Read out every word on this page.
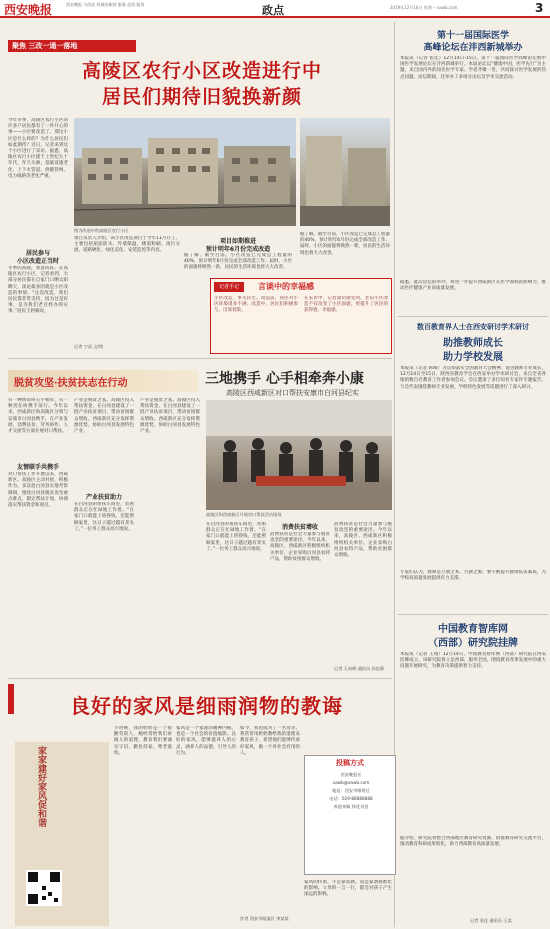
西安晚报	西安晚报 与西安 权威的新闻 服务 品质 服务	政点	2019年12月16日 星期一 xawb.com	3
聚焦 三改一通一落地
高陵区农行小区改造进行中
居民们期待旧貌换新颜
今年冬季，高陵区农行小区的许多户居民都有了一件开心的事——小区要改造了。那这小区是什么样的？为什么居民们如此期待？近日，记者来到这个小区进行了采访。据悉，高陵区农行小区建于上世纪九十年代，年久失修，基础设施老化，上下水管道、供暖管网、电力线路等老化严重。
居民参与
小区改造正当时
冬季的高陵，寒意阵阵。在高陵区农行小区，记者看到，大部分居民都在自家门口晒太阳聊天，谈论最多的就是小区改造的事情。“这次改造，我们居民都非常支持，因为这是好事，是为我们老百姓办的实事。”居民王阿姨说。
图为改造中的高陵区农行小区
项目负责人介绍，该小区改造项目于今年11月开工，主要包括屋面防水、外墙保温、楼道粉刷、雨污分流、道路硬化、绿化美化、安装监控等内容。
项目如期推进
预计明年6月份完成改造
据了解，截至目前，小区改造已完成总工程量的40%，预计明年6月份完成全部改造工作。届时，小区的面貌将焕然一新，居民的生活环境也将大大改善。
据了解，截至目前，小区改造已完成总工程量的40%，预计明年6月份完成全部改造工作。届时，小区的面貌将焕然一新，居民的生活环境也将大大改善。
记者手记	言谈中的幸福感
小区改造，事关民生。改造前，居民对小区环境诸多不满；改造中，居民们积极参与，出谋划策。
在采访中，记者深切感受到，老旧小区改造不仅改变了小区面貌，更提升了居民的获得感、幸福感。
记者 宁苗 文/图
脱贫攻坚·扶贫扶志在行动	三地携手 心手相牵奔小康
高陵区西咸新区对口帮扶安康市白河县纪实
有一种情谊叫心手相牵，有一种责任叫携手前行。今年以来，西咸新区和高陵区分别与安康市白河县携手，在产业发展、消费扶贫、劳务协作、人才交流等方面开展对口帮扶。
友情联手共携手
对口帮扶工作开展以来，西咸新区、高陵区主动对接，积极作为，多次赴白河县实地考察调研，围绕白河县脱贫攻坚重点难点，制定帮扶计划，协调落实帮扶资金和项目。
产业是脱贫之基。高陵区投入帮扶资金，在白河县建设了一批产业扶贫项目，带动贫困群众增收。西咸新区充分发挥资源优势，协助白河县发展特色产业。
产业扶贫助力
在白河县的帮扶车间里，贫困群众正在忙碌地工作着。“在家门口就能上班挣钱，还能照顾家里，这日子越过越有奔头了。”一位务工群众高兴地说。
产业是脱贫之基。高陵区投入帮扶资金，在白河县建设了一批产业扶贫项目，带动贫困群众增收。西咸新区充分发挥资源优势，协助白河县发展特色产业。
高陵区和西咸新区开展对口帮扶活动现场
在白河县的帮扶车间里，贫困群众正在忙碌地工作着。“在家门口就能上班挣钱，还能照顾家里，这日子越过越有奔头了。”一位务工群众高兴地说。
消费扶贫增收
消费扶贫是社会力量参与脱贫攻坚的重要途径。今年以来，高陵区、西咸新区积极组织机关单位、企业采购白河县农特产品，帮助贫困群众增收。
消费扶贫是社会力量参与脱贫攻坚的重要途径。今年以来，高陵区、西咸新区积极组织机关单位、企业采购白河县农特产品，帮助贫困群众增收。
记者 王向辉 通讯员 孙忠静
良好的家风是细雨润物的教诲
家家建好家风促和谐
小时候，我的奶奶是一个很勤劳的人，她经常给我们讲做人的道理，教育我们要诚实守信、勤俭持家、尊老爱幼。
家风是一个家庭的精神内核，也是一个社会的价值缩影。良好的家风，能够滋养人的心灵，涵养人的品德，引导人的行为。
如今，我也成为了一名母亲，我常常用奶奶教给我的道理来教育孩子，希望他们能够传承好家风，做一个对社会有用的人。
投稿方式
西安晚报社
xawb@xawb.com
地址：西安市雁塔区
电话：029-88888888
欢迎来稿 择优刊登
家风的传承，不是靠说教，而是靠潜移默化的影响。父母的一言一行，都会对孩子产生深远的影响。
作者 西安市临潼区 李某某
第十一届国际医学
高峰论坛在沣西新城举办
本报讯（记者 张佳）12月14日-15日，第十一届国际医学高峰论坛暨中国医学发展论坛在沣西新城举行。本届论坛以“健康中国，医学先行”为主题，来自国内外的知名医学专家、学者齐聚一堂，共同探讨医学发展的热点问题。论坛期间，还举办了多场分论坛及学术交流活动。
据悉，此次论坛的举办，将进一步提升西咸新区在医学领域的影响力，推动医疗健康产业高质量发展。
数百教育界人士在西安研讨学术研讨
助推教师成长
助力学校发展
本报讯（记者 韩晴）为贯彻落实全国教育大会精神，促进教师专业成长，12月14日至15日，陕西省教育学会在西安举办学术研讨会，来自全省各地的数百名教育工作者参加会议。会议邀请了多位知名专家作专题报告，与会代表围绕教师专业发展、学校特色发展等话题进行了深入研讨。
专家们认为，教师是立教之本、兴教之源，要不断提升教师队伍素质，为学校高质量发展提供有力支撑。
中国教育智库网
（西部）研究院挂牌
本报讯（记者 王翔）12月14日，中国教育智库网（西部）研究院在西安挂牌成立。该研究院将立足西部、服务全国，围绕教育改革发展中的重大问题开展研究，为教育决策提供智力支持。
据介绍，研究院将整合西部地区教育研究资源，搭建教育研究交流平台，推动教育科研成果转化，助力西部教育高质量发展。
记者 张佳 通讯员 王某
